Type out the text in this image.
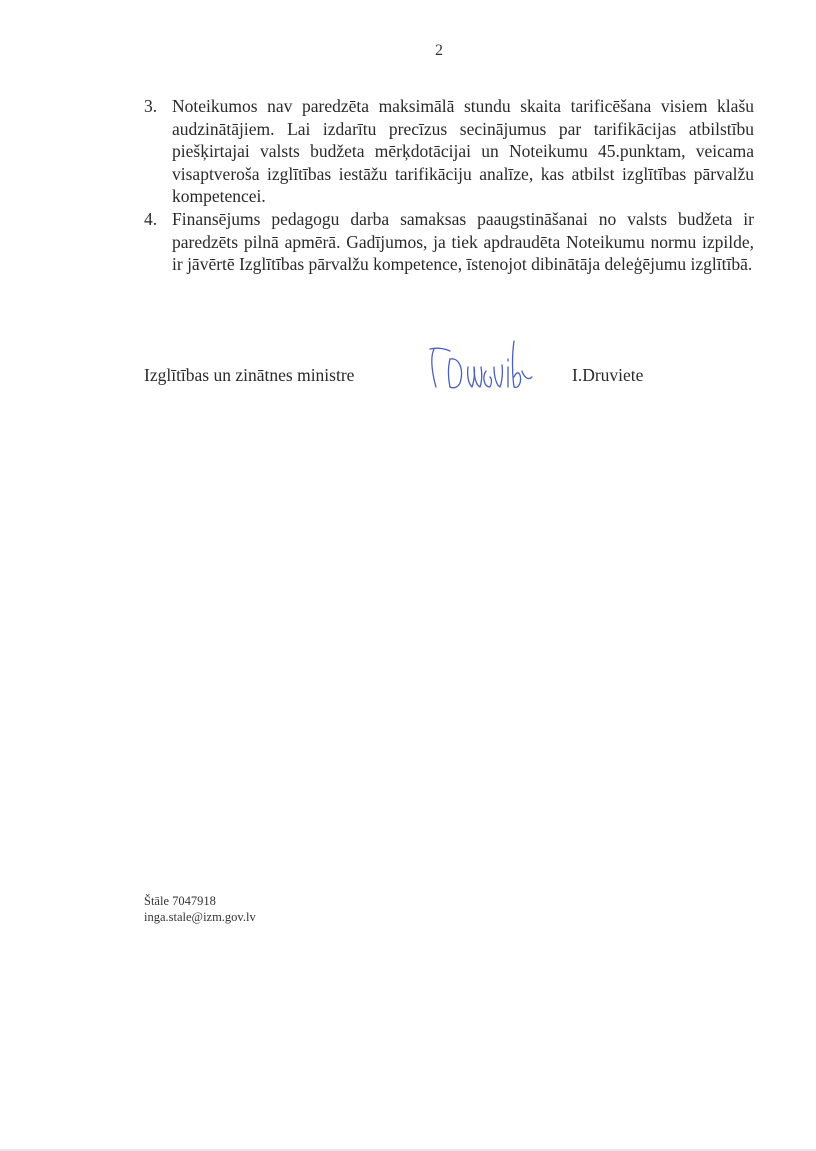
2
3. Noteikumos nav paredzēta maksimālā stundu skaita tarificēšana visiem klašu audzinātājiem. Lai izdarītu precīzus secinājumus par tarifikācijas atbilstību piešķirtajai valsts budžeta mērķdotācijai un Noteikumu 45.punktam, veicama visaptveroša izglītības iestāžu tarifikāciju analīze, kas atbilst izglītības pārvalžu kompetencei.
4. Finansējums pedagogu darba samaksas paaugstināšanai no valsts budžeta ir paredzēts pilnā apmērā. Gadījumos, ja tiek apdraudēta Noteikumu normu izpilde, ir jāvērtē Izglītības pārvalžu kompetence, īstenojot dibinātāja deleģējumu izglītībā.
Izglītības un zinātnes ministre	I.Druviete
Štāle 7047918
inga.stale@izm.gov.lv
